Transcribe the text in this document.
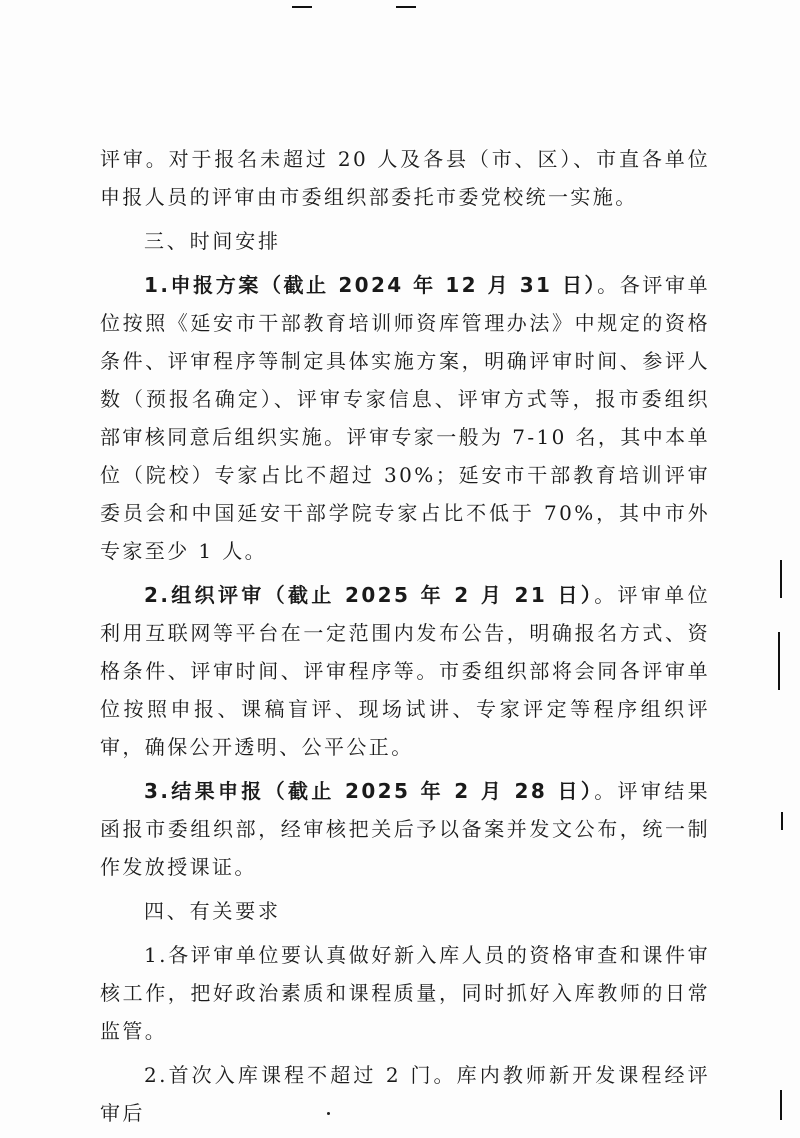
评审。对于报名未超过 20 人及各县（市、区）、市直各单位申报人员的评审由市委组织部委托市委党校统一实施。

三、时间安排

1.申报方案（截止 2024 年 12 月 31 日）。各评审单位按照《延安市干部教育培训师资库管理办法》中规定的资格条件、评审程序等制定具体实施方案，明确评审时间、参评人数（预报名确定）、评审专家信息、评审方式等，报市委组织部审核同意后组织实施。评审专家一般为 7-10 名，其中本单位（院校）专家占比不超过 30%；延安市干部教育培训评审委员会和中国延安干部学院专家占比不低于 70%，其中市外专家至少 1 人。

2.组织评审（截止 2025 年 2 月 21 日）。评审单位利用互联网等平台在一定范围内发布公告，明确报名方式、资格条件、评审时间、评审程序等。市委组织部将会同各评审单位按照申报、课稿盲评、现场试讲、专家评定等程序组织评审，确保公开透明、公平公正。

3.结果申报（截止 2025 年 2 月 28 日）。评审结果函报市委组织部，经审核把关后予以备案并发文公布，统一制作发放授课证。

四、有关要求

1.各评审单位要认真做好新入库人员的资格审查和课件审核工作，把好政治素质和课程质量，同时抓好入库教师的日常监管。

2.首次入库课程不超过 2 门。库内教师新开发课程经评审后
